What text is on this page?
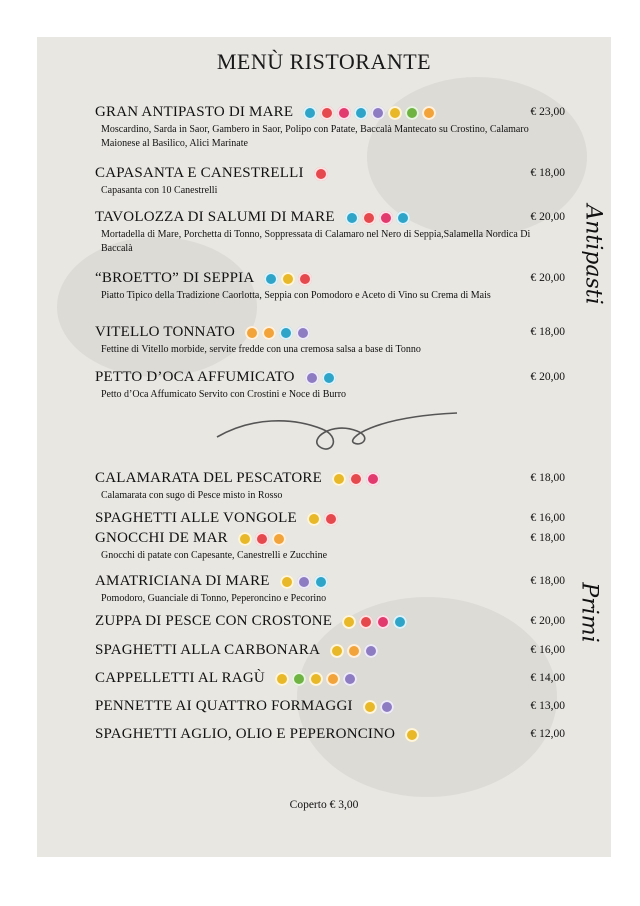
MENÙ RISTORANTE
GRAN ANTIPASTO DI MARE	€ 23,00
Moscardino, Sarda in Saor, Gambero in Saor, Polipo con Patate, Baccalà Mantecato su Crostino, Calamaro Maionese al Basilico, Alici Marinate
CAPASANTA E CANESTRELLI	€ 18,00
Capasanta con 10 Canestrelli
TAVOLOZZA DI SALUMI DI MARE	€ 20,00
Mortadella di Mare, Porchetta di Tonno, Soppressata di Calamaro nel Nero di Seppia,Salamella Nordica Di Baccalà
“BROETTO” DI SEPPIA	€ 20,00
Piatto Tipico della Tradizione Caorlotta, Seppia con Pomodoro e Aceto di Vino su Crema di Mais
VITELLO TONNATO	€ 18,00
Fettine di Vitello morbide, servite fredde con una cremosa salsa a base di Tonno
PETTO D’OCA AFFUMICATO	€ 20,00
Petto d’Oca Affumicato Servito con Crostini e Noce di Burro
Antipasti
CALAMARATA DEL PESCATORE	€ 18,00
Calamarata con sugo di Pesce misto in Rosso
SPAGHETTI ALLE VONGOLE	€ 16,00
GNOCCHI DE MAR	€ 18,00
Gnocchi di patate con Capesante, Canestrelli e Zucchine
AMATRICIANA DI MARE	€ 18,00
Pomodoro, Guanciale di Tonno, Peperoncino e Pecorino
ZUPPA DI PESCE CON CROSTONE	€ 20,00
SPAGHETTI ALLA CARBONARA	€ 16,00
CAPPELLETTI AL RAGÙ	€ 14,00
PENNETTE AI QUATTRO FORMAGGI	€ 13,00
SPAGHETTI AGLIO, OLIO E PEPERONCINO	€ 12,00
Primi
Coperto € 3,00
